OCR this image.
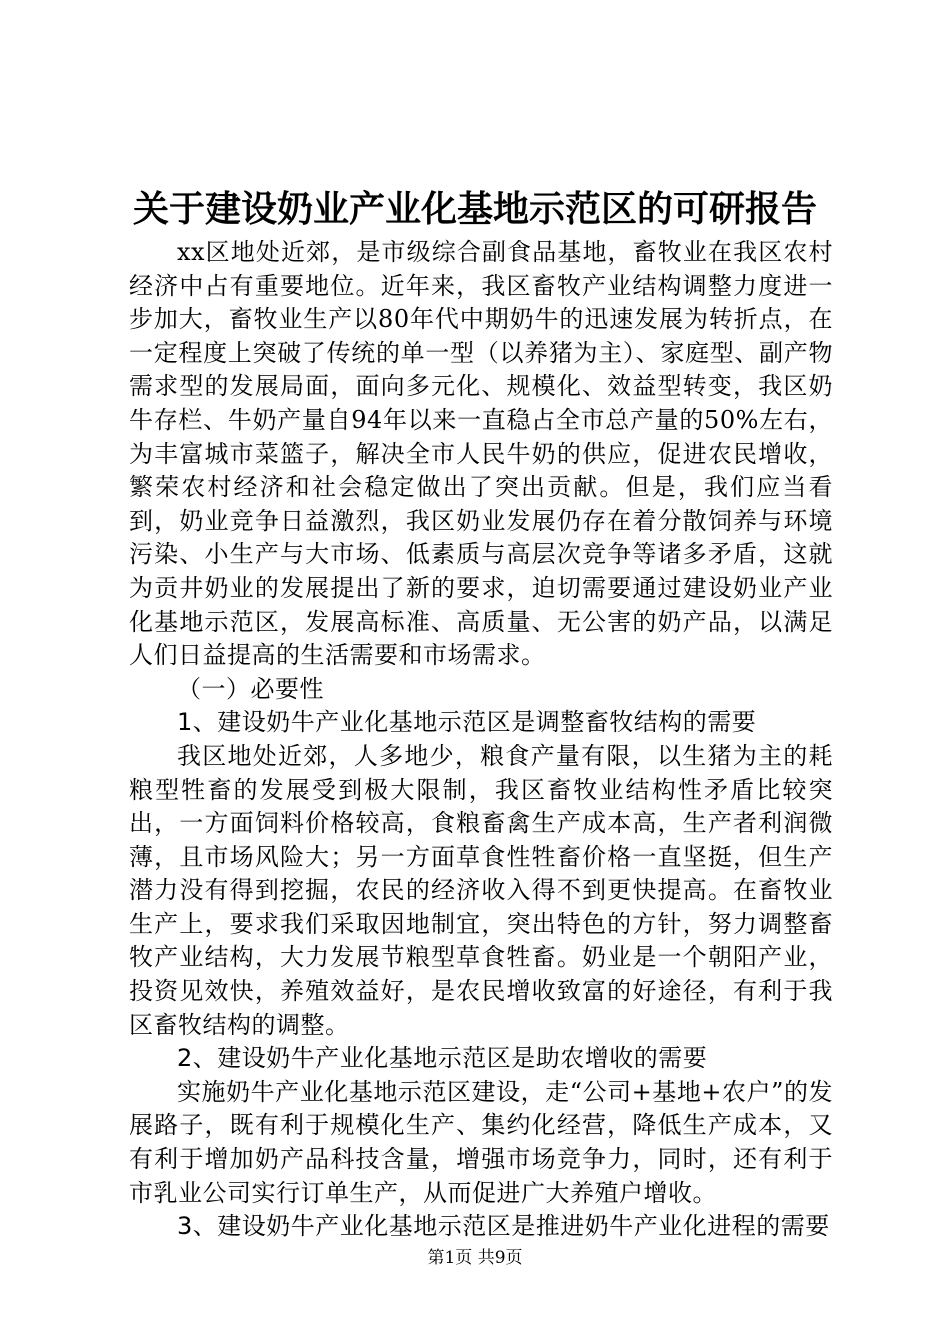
关于建设奶业产业化基地示范区的可研报告

xx区地处近郊，是市级综合副食品基地，畜牧业在我区农村经济中占有重要地位。近年来，我区畜牧产业结构调整力度进一步加大，畜牧业生产以80年代中期奶牛的迅速发展为转折点，在一定程度上突破了传统的单一型（以养猪为主）、家庭型、副产物需求型的发展局面，面向多元化、规模化、效益型转变，我区奶牛存栏、牛奶产量自94年以来一直稳占全市总产量的50%左右，为丰富城市菜篮子，解决全市人民牛奶的供应，促进农民增收，繁荣农村经济和社会稳定做出了突出贡献。但是，我们应当看到，奶业竞争日益激烈，我区奶业发展仍存在着分散饲养与环境污染、小生产与大市场、低素质与高层次竞争等诸多矛盾，这就为贡井奶业的发展提出了新的要求，迫切需要通过建设奶业产业化基地示范区，发展高标准、高质量、无公害的奶产品，以满足人们日益提高的生活需要和市场需求。

（一）必要性

1、建设奶牛产业化基地示范区是调整畜牧结构的需要

我区地处近郊，人多地少，粮食产量有限，以生猪为主的耗粮型牲畜的发展受到极大限制，我区畜牧业结构性矛盾比较突出，一方面饲料价格较高，食粮畜禽生产成本高，生产者利润微薄，且市场风险大；另一方面草食性牲畜价格一直坚挺，但生产潜力没有得到挖掘，农民的经济收入得不到更快提高。在畜牧业生产上，要求我们采取因地制宜，突出特色的方针，努力调整畜牧产业结构，大力发展节粮型草食牲畜。奶业是一个朝阳产业，投资见效快，养殖效益好，是农民增收致富的好途径，有利于我区畜牧结构的调整。

2、建设奶牛产业化基地示范区是助农增收的需要

实施奶牛产业化基地示范区建设，走“公司+基地+农户”的发展路子，既有利于规模化生产、集约化经营，降低生产成本，又有利于增加奶产品科技含量，增强市场竞争力，同时，还有利于市乳业公司实行订单生产，从而促进广大养殖户增收。

3、建设奶牛产业化基地示范区是推进奶牛产业化进程的需要

第1页 共9页
